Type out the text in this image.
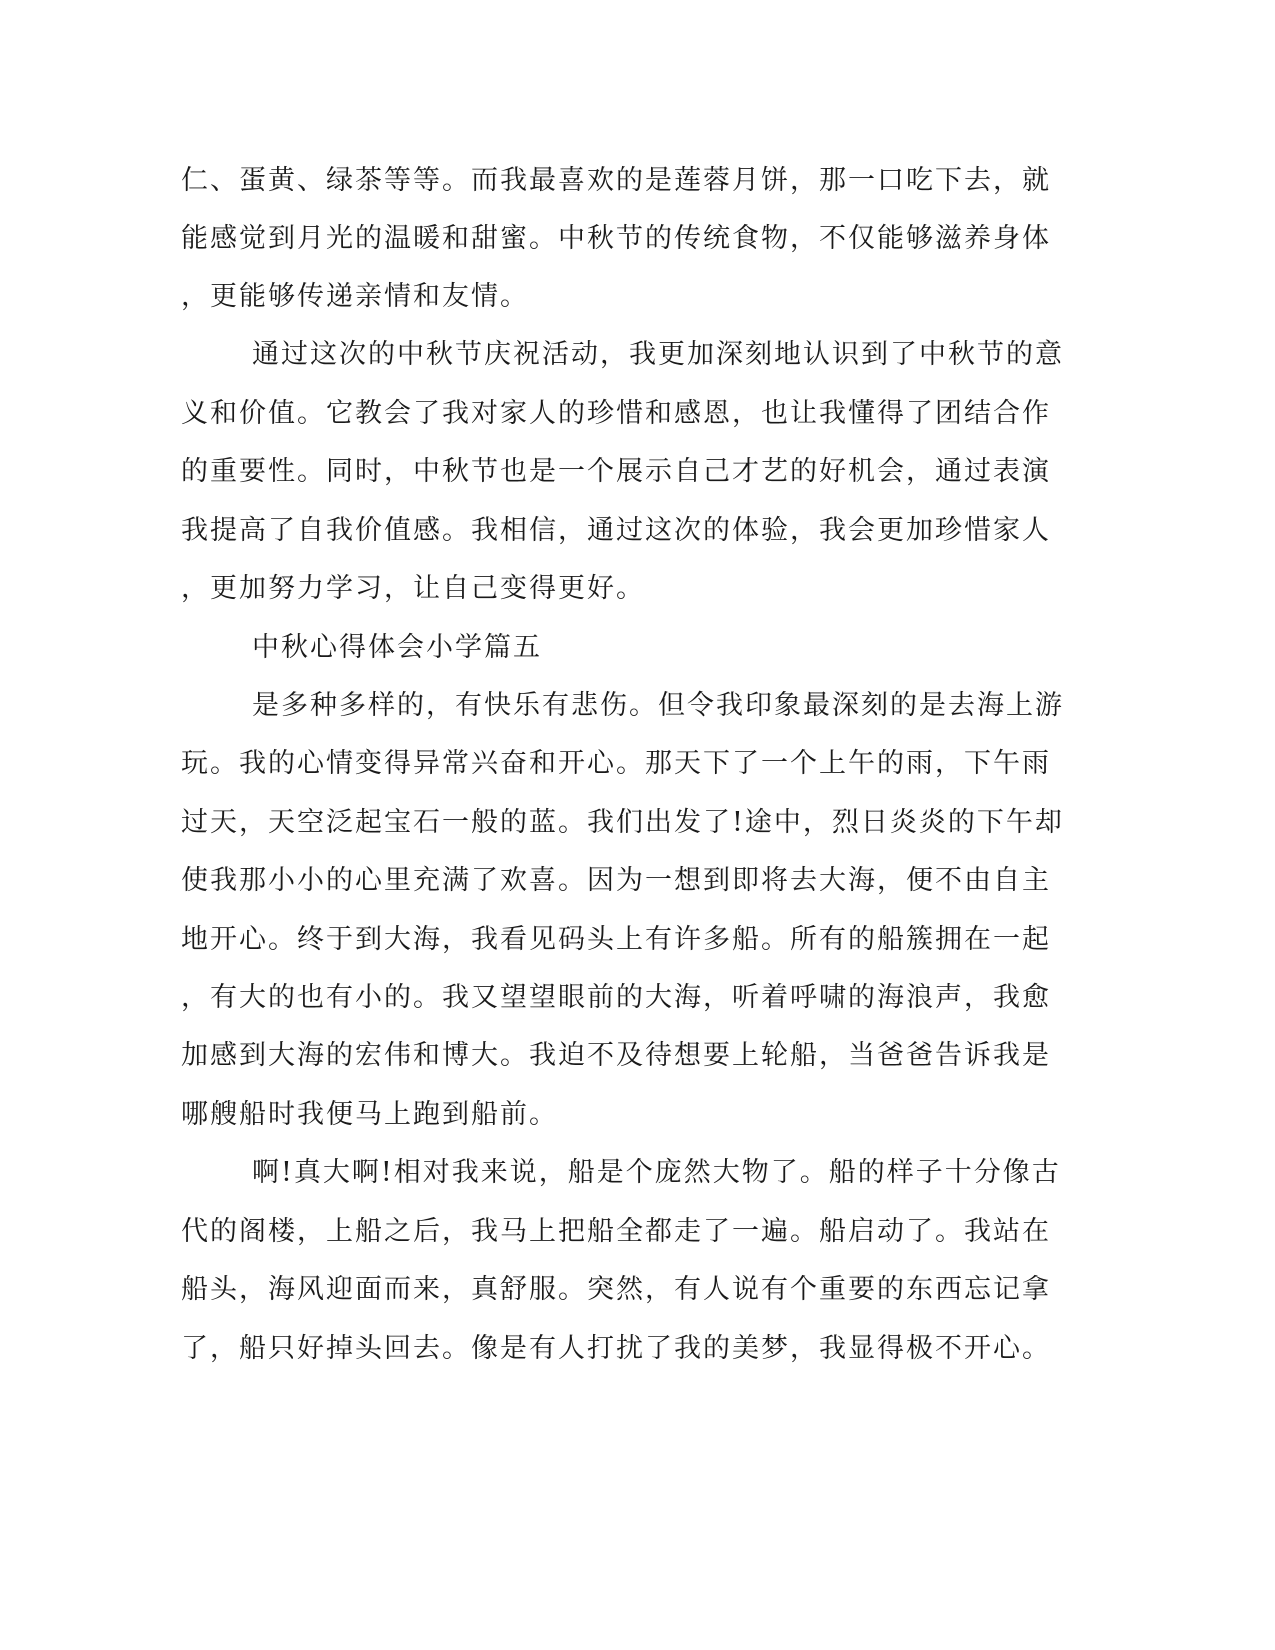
仁、蛋黄、绿茶等等。而我最喜欢的是莲蓉月饼，那一口吃下去，就
能感觉到月光的温暖和甜蜜。中秋节的传统食物，不仅能够滋养身体
，更能够传递亲情和友情。
通过这次的中秋节庆祝活动，我更加深刻地认识到了中秋节的意
义和价值。它教会了我对家人的珍惜和感恩，也让我懂得了团结合作
的重要性。同时，中秋节也是一个展示自己才艺的好机会，通过表演
我提高了自我价值感。我相信，通过这次的体验，我会更加珍惜家人
，更加努力学习，让自己变得更好。
中秋心得体会小学篇五
是多种多样的，有快乐有悲伤。但令我印象最深刻的是去海上游
玩。我的心情变得异常兴奋和开心。那天下了一个上午的雨，下午雨
过天，天空泛起宝石一般的蓝。我们出发了!途中，烈日炎炎的下午却
使我那小小的心里充满了欢喜。因为一想到即将去大海，便不由自主
地开心。终于到大海，我看见码头上有许多船。所有的船簇拥在一起
，有大的也有小的。我又望望眼前的大海，听着呼啸的海浪声，我愈
加感到大海的宏伟和博大。我迫不及待想要上轮船，当爸爸告诉我是
哪艘船时我便马上跑到船前。
啊!真大啊!相对我来说，船是个庞然大物了。船的样子十分像古
代的阁楼，上船之后，我马上把船全都走了一遍。船启动了。我站在
船头，海风迎面而来，真舒服。突然，有人说有个重要的东西忘记拿
了，船只好掉头回去。像是有人打扰了我的美梦，我显得极不开心。
